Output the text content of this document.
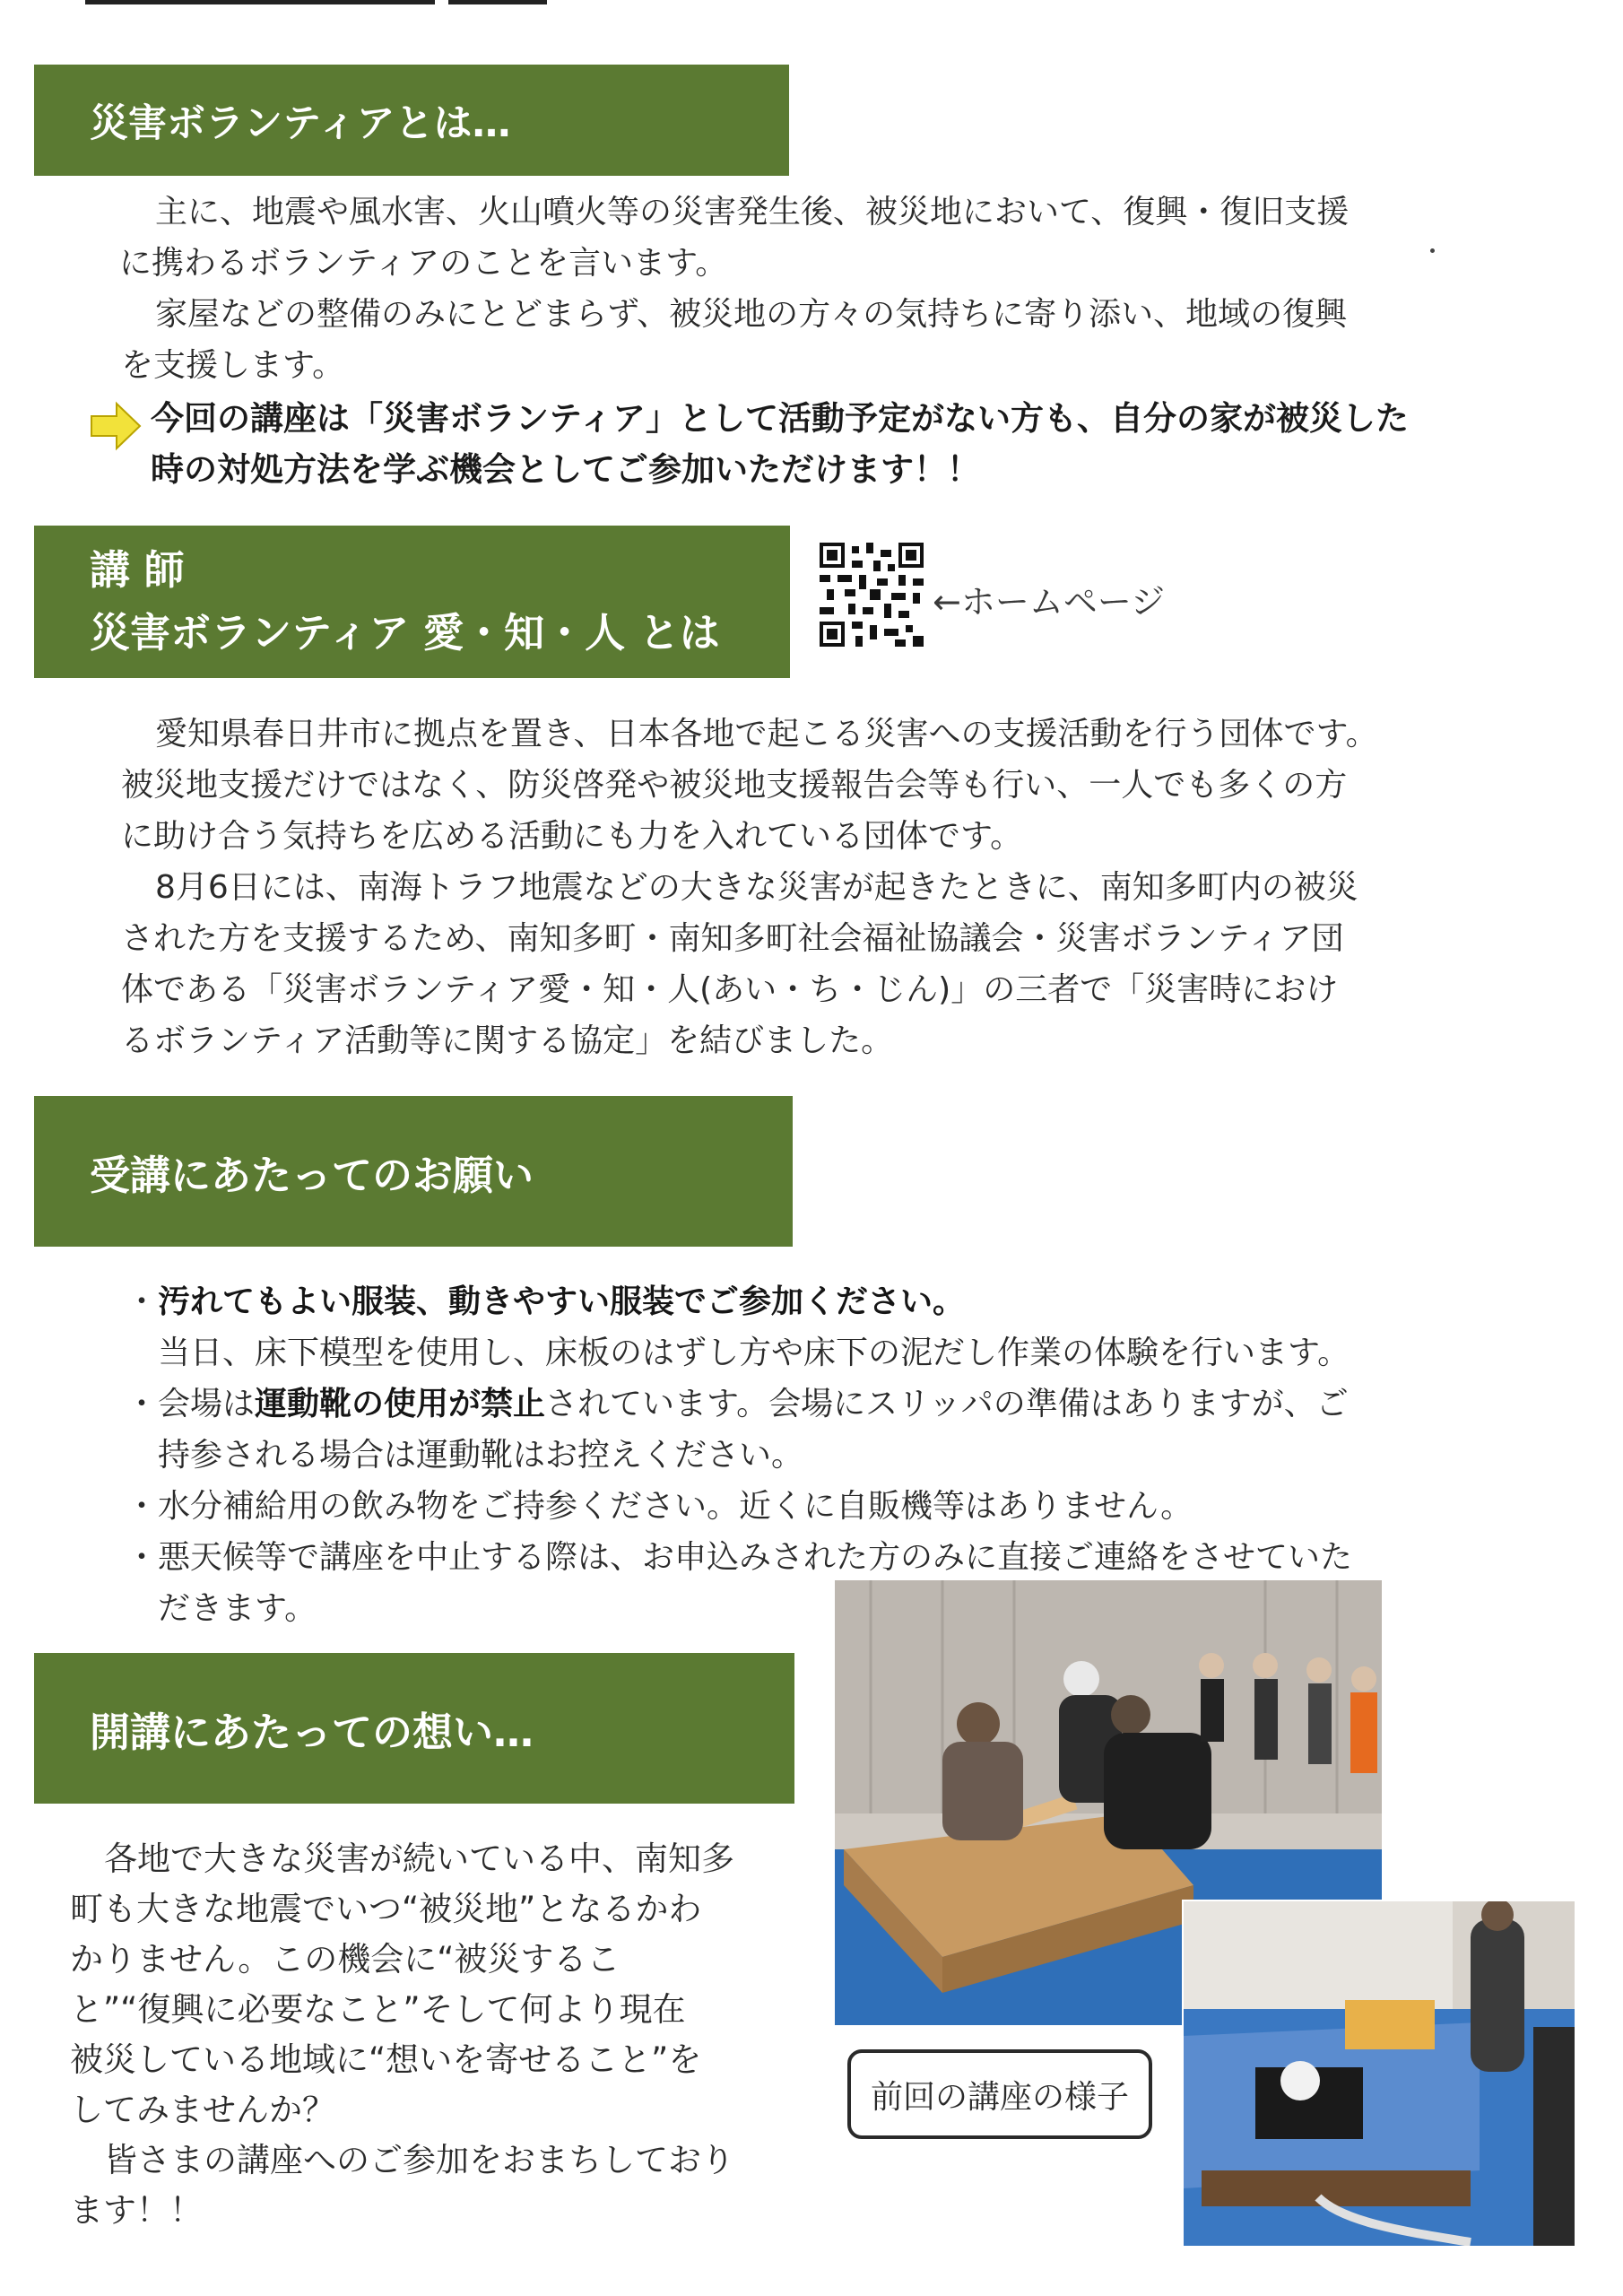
災害ボランティアとは…

主に、地震や風水害、火山噴火等の災害発生後、被災地において、復興・復旧支援

に携わるボランティアのことを言います。

家屋などの整備のみにとどまらず、被災地の方々の気持ちに寄り添い、地域の復興

を支援します。

今回の講座は「災害ボランティア」として活動予定がない方も、自分の家が被災した
時の対処方法を学ぶ機会としてご参加いただけます！！
講 師
災害ボランティア 愛・知・人 とは
←ホームページ

愛知県春日井市に拠点を置き、日本各地で起こる災害への支援活動を行う団体です。

被災地支援だけではなく、防災啓発や被災地支援報告会等も行い、一人でも多くの方

に助け合う気持ちを広める活動にも力を入れている団体です。

8月6日には、南海トラフ地震などの大きな災害が起きたときに、南知多町内の被災

された方を支援するため、南知多町・南知多町社会福祉協議会・災害ボランティア団

体である「災害ボランティア愛・知・人(あい・ち・じん)」の三者で「災害時におけ

るボランティア活動等に関する協定」を結びました。

受講にあたってのお願い
・汚れてもよい服装、動きやすい服装でご参加ください。
当日、床下模型を使用し、床板のはずし方や床下の泥だし作業の体験を行います。
・会場は運動靴の使用が禁止されています。会場にスリッパの準備はありますが、ご
持参される場合は運動靴はお控えください。
・水分補給用の飲み物をご持参ください。近くに自販機等はありません。
・悪天候等で講座を中止する際は、お申込みされた方のみに直接ご連絡をさせていた
だきます。
開講にあたっての想い…

各地で大きな災害が続いている中、南知多

町も大きな地震でいつ“被災地”となるかわ

かりません。この機会に“被災するこ

と”“復興に必要なこと”そして何より現在

被災している地域に“想いを寄せること”を

してみませんか？

皆さまの講座へのご参加をおまちしており

ます！！

前回の講座の様子
